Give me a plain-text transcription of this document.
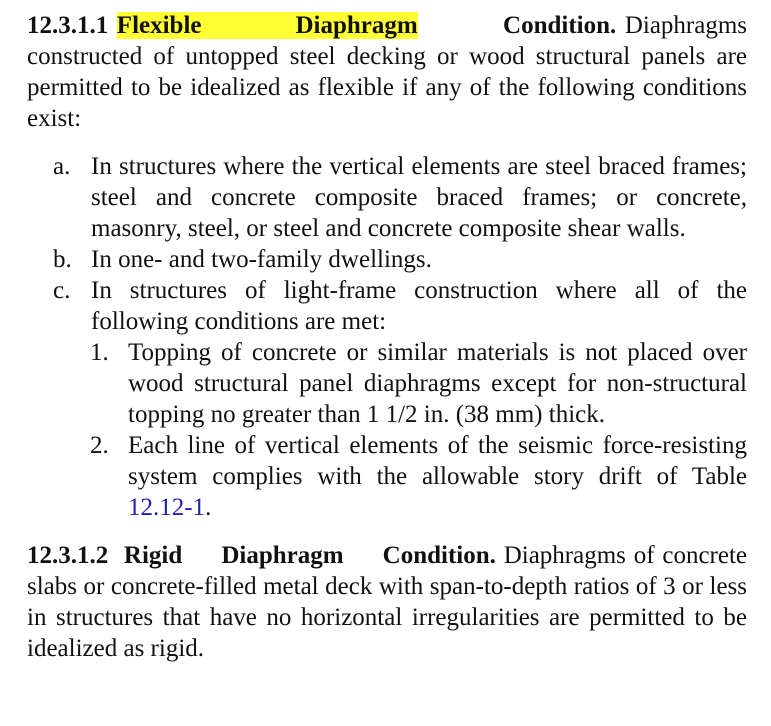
12.3.1.1 Flexible	Diaphragm	Condition. Diaphragms constructed of untopped steel decking or wood structural panels are permitted to be idealized as flexible if any of the following conditions exist:

a. In structures where the vertical elements are steel braced frames; steel and concrete composite braced frames; or concrete, masonry, steel, or steel and concrete composite shear walls.
b. In one- and two-family dwellings.
c. In structures of light-frame construction where all of the following conditions are met:
1. Topping of concrete or similar materials is not placed over wood structural panel diaphragms except for non-structural topping no greater than 1 1/2 in. (38 mm) thick.
2. Each line of vertical elements of the seismic force-resisting system complies with the allowable story drift of Table 12.12-1.

12.3.1.2 Rigid Diaphragm Condition. Diaphragms of concrete slabs or concrete-filled metal deck with span-to-depth ratios of 3 or less in structures that have no horizontal irregularities are permitted to be idealized as rigid.
